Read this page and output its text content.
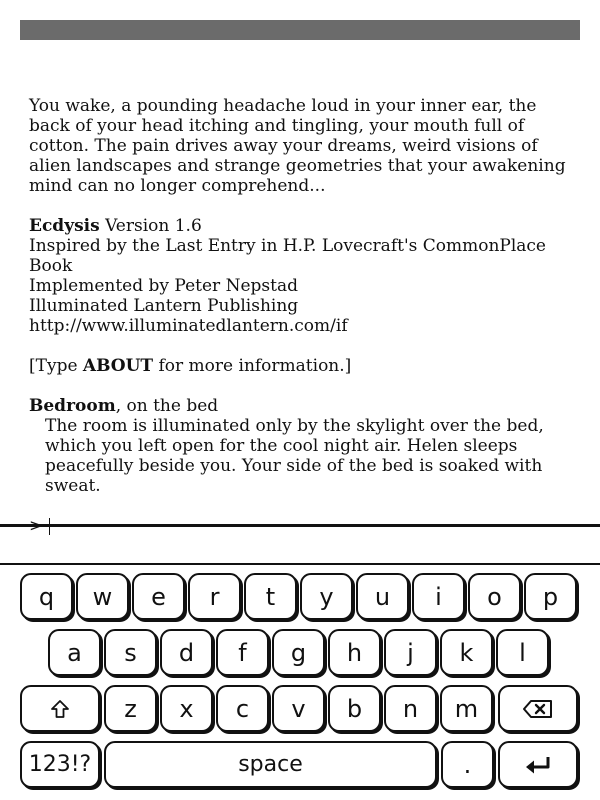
Bedroom, on the bed

You wake, a pounding headache loud in your inner ear, the back of your head itching and tingling, your mouth full of cotton. The pain drives away your dreams, weird visions of alien landscapes and strange geometries that your awakening mind can no longer comprehend...

Ecdysis Version 1.6

Inspired by the Last Entry in H.P. Lovecraft's CommonPlace Book

Implemented by Peter Nepstad

Illuminated Lantern Publishing

http://www.illuminatedlantern.com/if

[Type ABOUT for more information.]

Bedroom, on the bed

The room is illuminated only by the skylight over the bed, which you left open for the cool night air. Helen sleeps peacefully beside you. Your side of the bed is soaked with sweat.

q w e r t y u i o p
a s d f g h j k l
z x c v b n m
123!?	space	.
